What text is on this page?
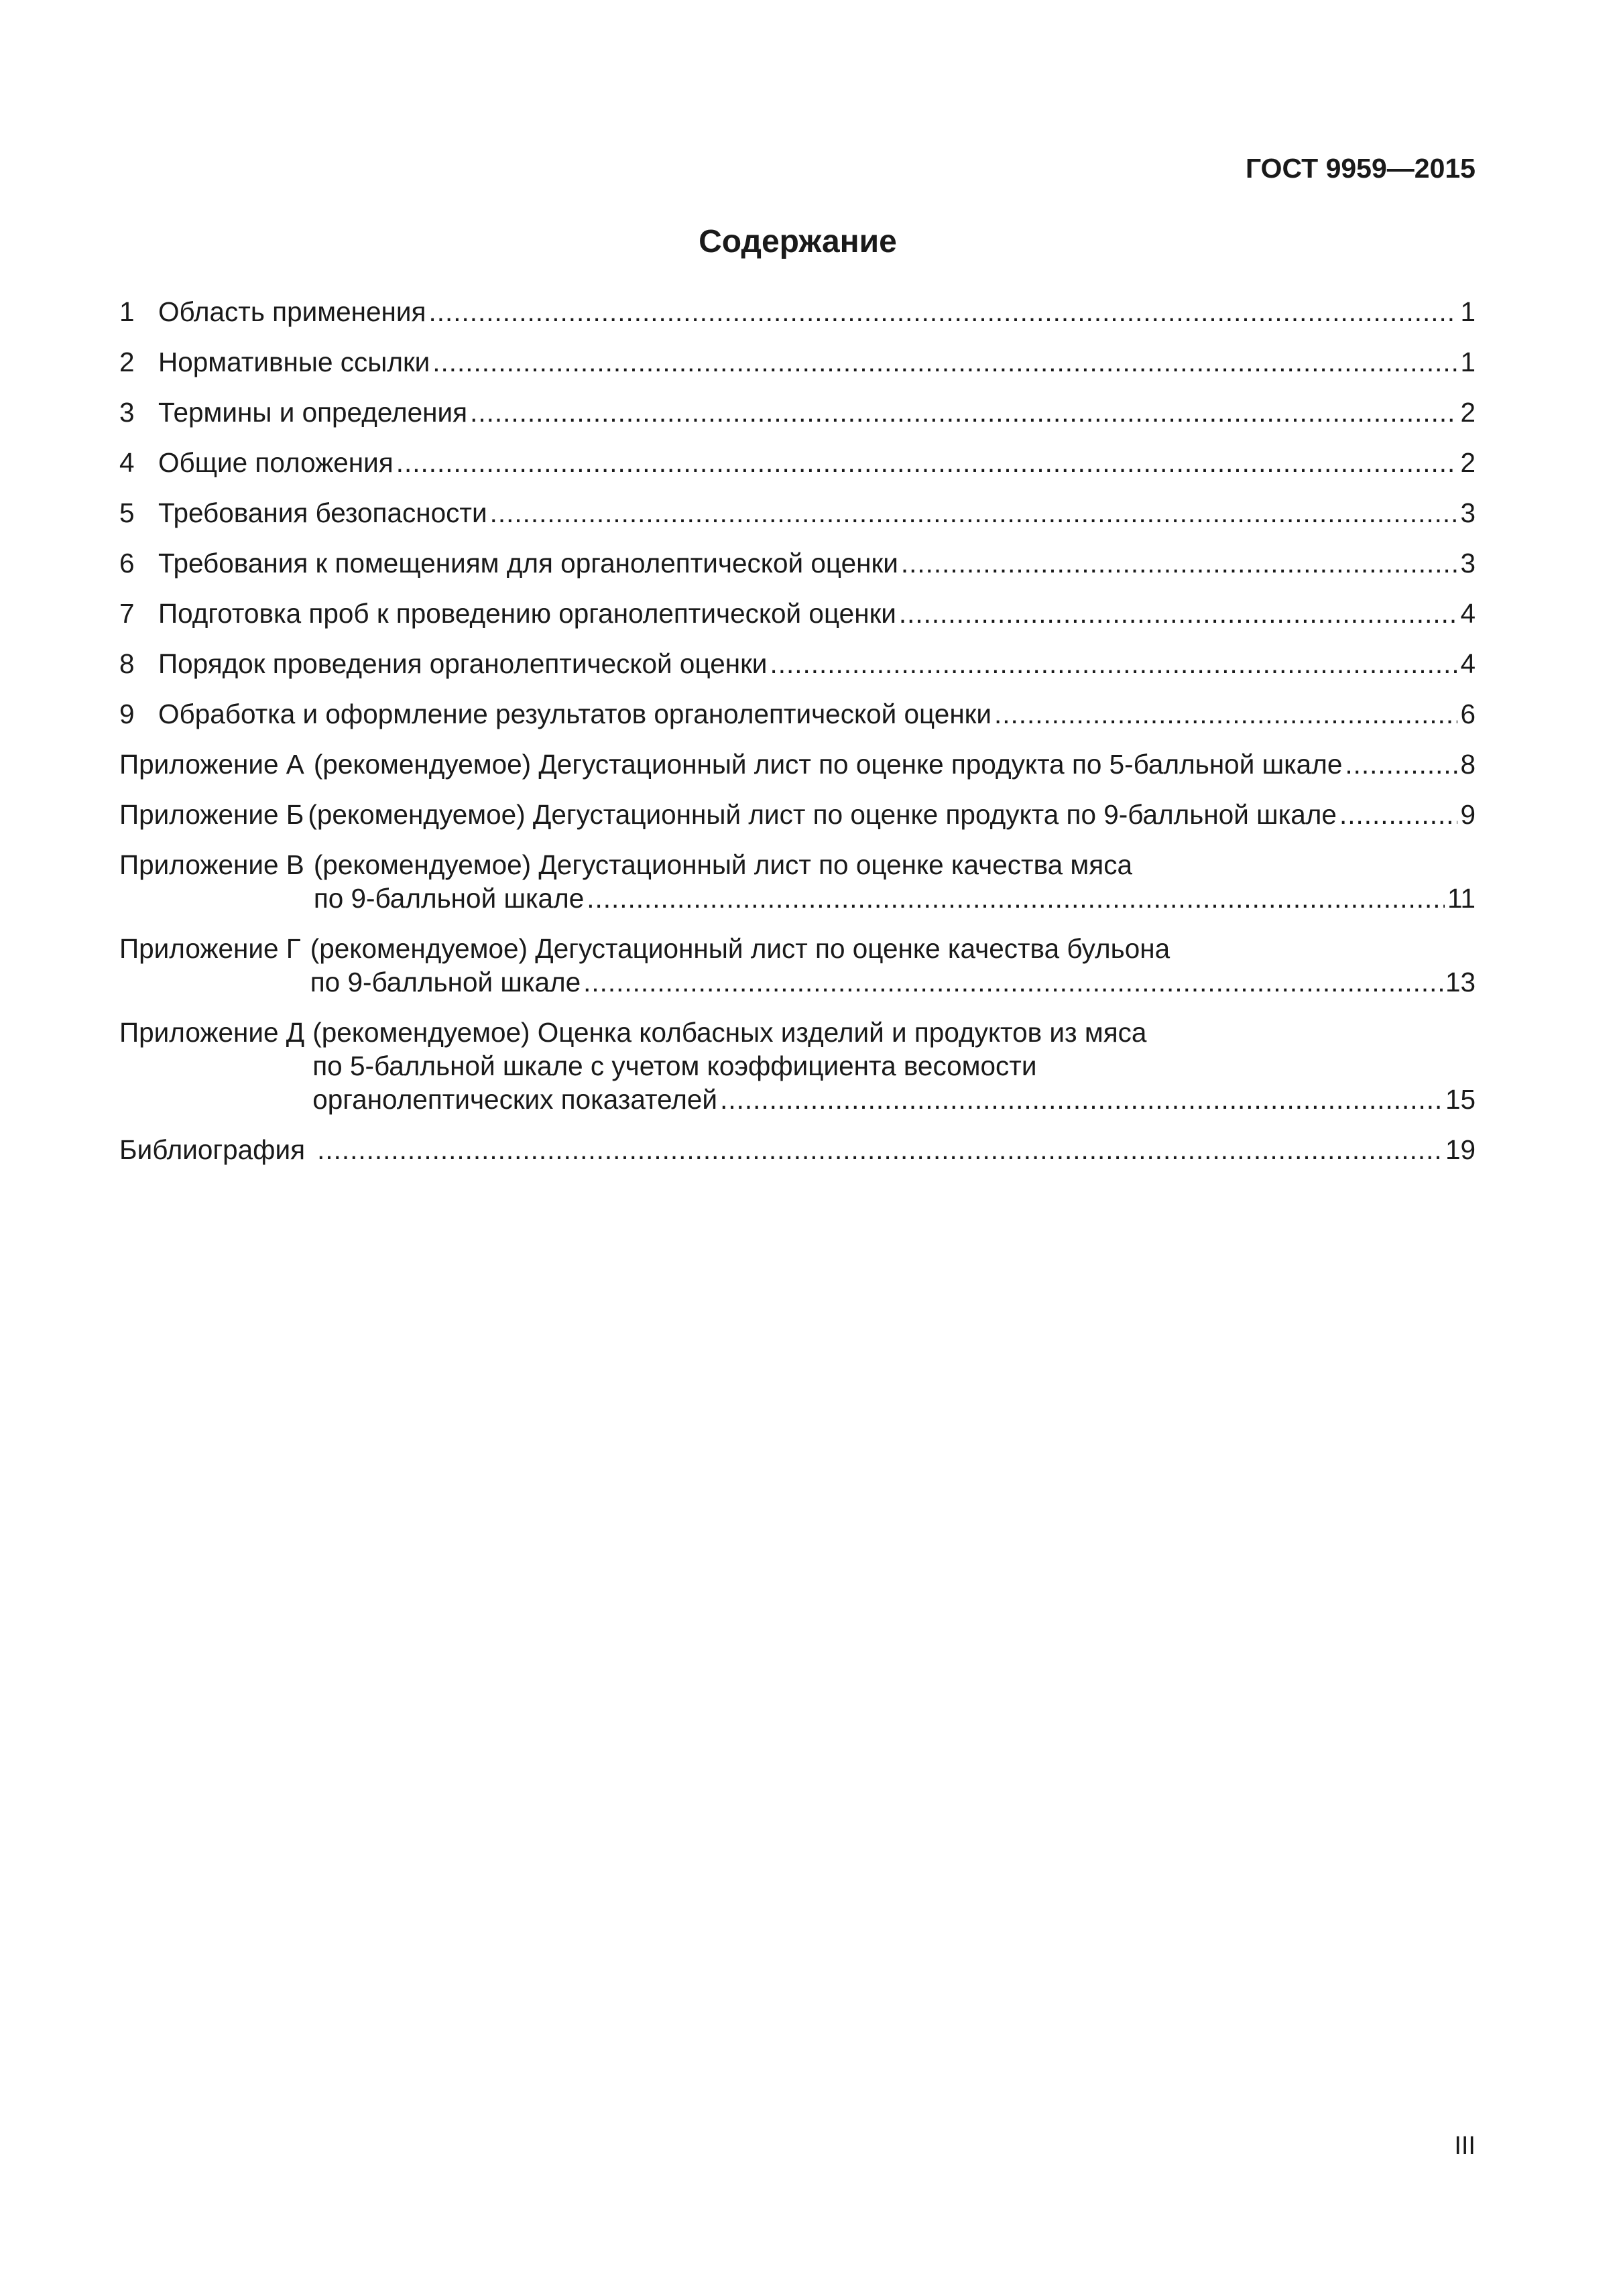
ГОСТ 9959—2015
Содержание
1 Область применения .....	1
2 Нормативные ссылки .....	1
3 Термины и определения .....	2
4 Общие положения .....	2
5 Требования безопасности .....	3
6 Требования к помещениям для органолептической оценки .....	3
7 Подготовка проб к проведению органолептической оценки .....	4
8 Порядок проведения органолептической оценки .....	4
9 Обработка и оформление результатов органолептической оценки .....	6
Приложение А (рекомендуемое) Дегустационный лист по оценке продукта по 5-балльной шкале .....	8
Приложение Б (рекомендуемое) Дегустационный лист по оценке продукта по 9-балльной шкале .....	9
Приложение В (рекомендуемое) Дегустационный лист по оценке качества мяса
по 9-балльной шкале .....	11
Приложение Г (рекомендуемое) Дегустационный лист по оценке качества бульона
по 9-балльной шкале .....	13
Приложение Д (рекомендуемое) Оценка колбасных изделий и продуктов из мяса
по 5-балльной шкале с учетом коэффициента весомости
органолептических показателей .....	15
Библиография .....	19
III
